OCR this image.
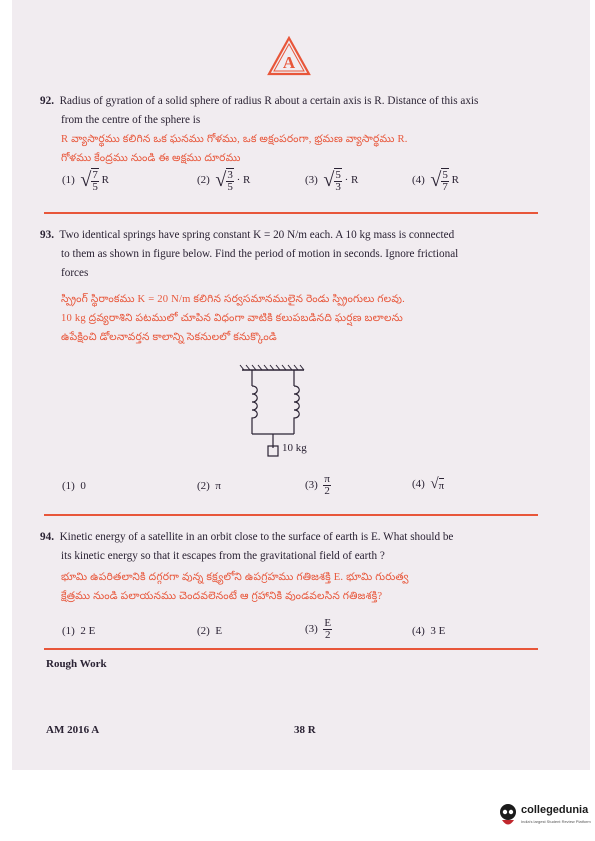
A
92. Radius of gyration of a solid sphere of radius R about a certain axis is R. Distance of this axis
from the centre of the sphere is
R వ్యాసార్థము కలిగిన ఒక ఘనము గోళము, ఒక అక్షంపరంగా, భ్రమణ వ్యాసార్థము R.
గోళము కేంద్రము నుండి ఈ అక్షము దూరము
(1) √ $\frac{7}{5}$ R	(2) √ $\frac{3}{5} \cdot R$	(3) √ $\frac{5}{3} \cdot R$	(4) √ $\frac{5}{7}$ R
93. Two identical springs have spring constant K = 20 N/m each. A 10 kg mass is connected
to them as shown in figure below. Find the period of motion in seconds. Ignore frictional
forces
స్ప్రింగ్ స్థిరాంకము K = 20 N/m కలిగిన సర్వసమానములైన రెండు స్ప్రింగులు గలవు.
10 kg ద్రవ్యరాశిని పటములో చూపిన విధంగా వాటికి కలుపబడినది ఘర్షణ బలాలను
ఉపేక్షించి డోలనావర్తన కాలాన్ని సెకనులలో కనుక్కొండి
10 kg
(1) 0	(2) π	$(3) \frac{\pi}{2}$	(4) √π
94. Kinetic energy of a satellite in an orbit close to the surface of earth is E. What should be
its kinetic energy so that it escapes from the gravitational field of earth ?
భూమి ఉపరితలానికి దగ్గరగా వున్న కక్ష్యలోని ఉపగ్రహము గతిజశక్తి E. భూమి గురుత్వ
క్షేత్రము నుండి పలాయనము చెందవలెనంటే ఆ గ్రహానికి వుండవలసిన గతిజశక్తి?
(1) 2 E	(2) E	$(3) \frac{E}{2}$	(4) 3 E
Rough Work
AM 2016 A	38 R
collegedunia
India's largest Student Review Platform
